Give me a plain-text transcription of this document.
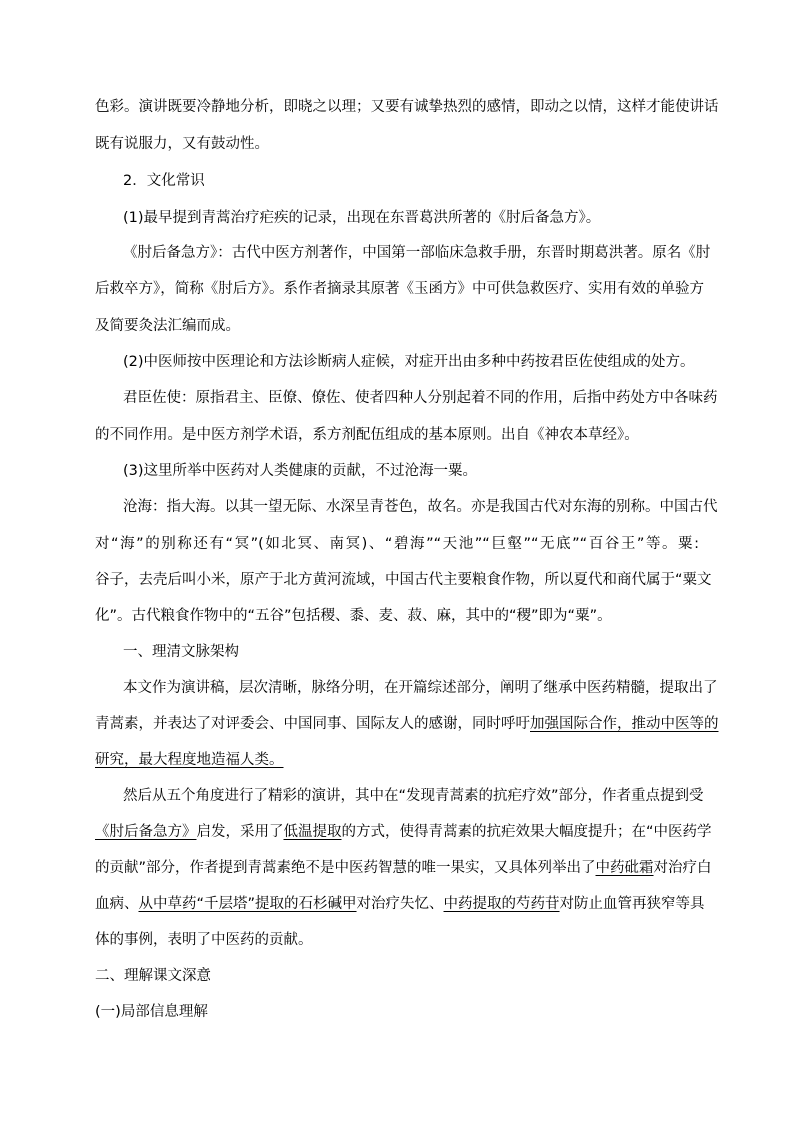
色彩。演讲既要冷静地分析，即晓之以理；又要有诚挚热烈的感情，即动之以情，这样才能使讲话
既有说服力，又有鼓动性。
2．文化常识
(1)最早提到青蒿治疗疟疾的记录，出现在东晋葛洪所著的《肘后备急方》。
《肘后备急方》：古代中医方剂著作，中国第一部临床急救手册，东晋时期葛洪著。原名《肘
后救卒方》，简称《肘后方》。系作者摘录其原著《玉函方》中可供急救医疗、实用有效的单验方
及简要灸法汇编而成。
(2)中医师按中医理论和方法诊断病人症候，对症开出由多种中药按君臣佐使组成的处方。
君臣佐使：原指君主、臣僚、僚佐、使者四种人分别起着不同的作用，后指中药处方中各味药
的不同作用。是中医方剂学术语，系方剂配伍组成的基本原则。出自《神农本草经》。
(3)这里所举中医药对人类健康的贡献，不过沧海一粟。
沧海：指大海。以其一望无际、水深呈青苍色，故名。亦是我国古代对东海的别称。中国古代
对“海”的别称还有“冥”(如北冥、南冥)、“碧海”“天池”“巨壑”“无底”“百谷王”等。粟:
谷子，去壳后叫小米，原产于北方黄河流域，中国古代主要粮食作物，所以夏代和商代属于“粟文
化”。古代粮食作物中的“五谷”包括稷、黍、麦、菽、麻，其中的“稷”即为“粟”。
一、理清文脉架构
本文作为演讲稿，层次清晰，脉络分明，在开篇综述部分，阐明了继承中医药精髓，提取出了
青蒿素，并表达了对评委会、中国同事、国际友人的感谢，同时呼吁加强国际合作，推动中医等的
研究，最大程度地造福人类。
然后从五个角度进行了精彩的演讲，其中在“发现青蒿素的抗疟疗效”部分，作者重点提到受
《肘后备急方》启发，采用了低温提取的方式，使得青蒿素的抗疟效果大幅度提升；在“中医药学
的贡献”部分，作者提到青蒿素绝不是中医药智慧的唯一果实，又具体列举出了中药砒霜对治疗白
血病、从中草药“千层塔”提取的石杉碱甲对治疗失忆、中药提取的芍药苷对防止血管再狭窄等具
体的事例，表明了中医药的贡献。
二、理解课文深意
(一)局部信息理解
